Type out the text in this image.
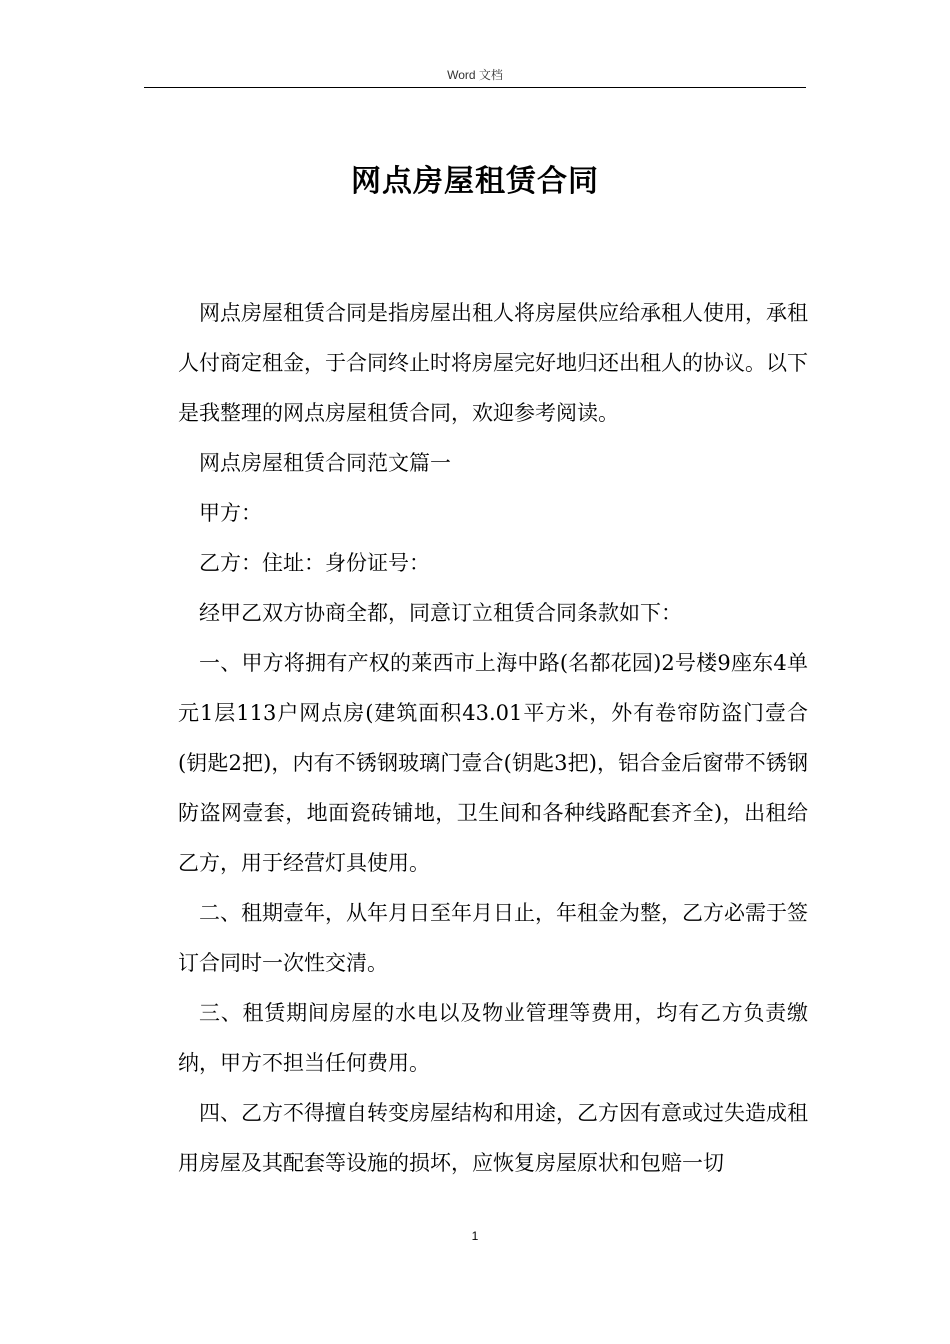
Word 文档
网点房屋租赁合同

网点房屋租赁合同是指房屋出租人将房屋供应给承租人使用，承租人付商定租金，于合同终止时将房屋完好地归还出租人的协议。以下是我整理的网点房屋租赁合同，欢迎参考阅读。

网点房屋租赁合同范文篇一

甲方：

乙方：住址：身份证号：

经甲乙双方协商全都，同意订立租赁合同条款如下：

一、甲方将拥有产权的莱西市上海中路(名都花园)2号楼9座东4单元1层113户网点房(建筑面积43.01平方米，外有卷帘防盗门壹合(钥匙2把)，内有不锈钢玻璃门壹合(钥匙3把)，铝合金后窗带不锈钢防盗网壹套，地面瓷砖铺地，卫生间和各种线路配套齐全)，出租给乙方，用于经营灯具使用。

二、租期壹年，从年月日至年月日止，年租金为整，乙方必需于签订合同时一次性交清。

三、租赁期间房屋的水电以及物业管理等费用，均有乙方负责缴纳，甲方不担当任何费用。

四、乙方不得擅自转变房屋结构和用途，乙方因有意或过失造成租用房屋及其配套等设施的损坏，应恢复房屋原状和包赔一切

1
